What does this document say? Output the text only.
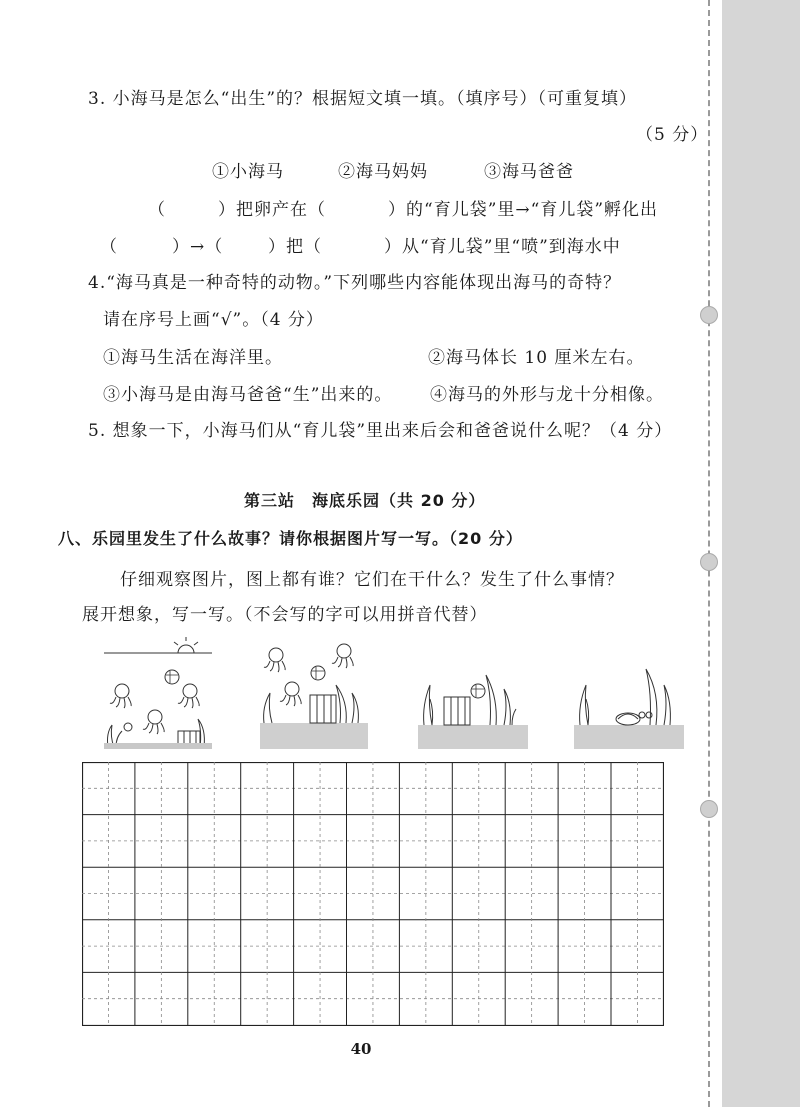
3. 小海马是怎么“出生”的？根据短文填一填。（填序号）（可重复填）
（5 分）
①小海马	②海马妈妈	③海马爸爸
（	）把卵产在（	）的“育儿袋”里→“育儿袋”孵化出
（	）→（	）把（	）从“育儿袋”里“喷”到海水中
4.“海马真是一种奇特的动物。”下列哪些内容能体现出海马的奇特？
请在序号上画“√”。（4 分）
①海马生活在海洋里。	②海马体长 10 厘米左右。
③小海马是由海马爸爸“生”出来的。 ④海马的外形与龙十分相像。
5. 想象一下，小海马们从“育儿袋”里出来后会和爸爸说什么呢？（4 分）
第三站　海底乐园（共 20 分）
八、乐园里发生了什么故事？请你根据图片写一写。（20 分）
仔细观察图片，图上都有谁？它们在干什么？发生了什么事情？
展开想象，写一写。（不会写的字可以用拼音代替）
40
